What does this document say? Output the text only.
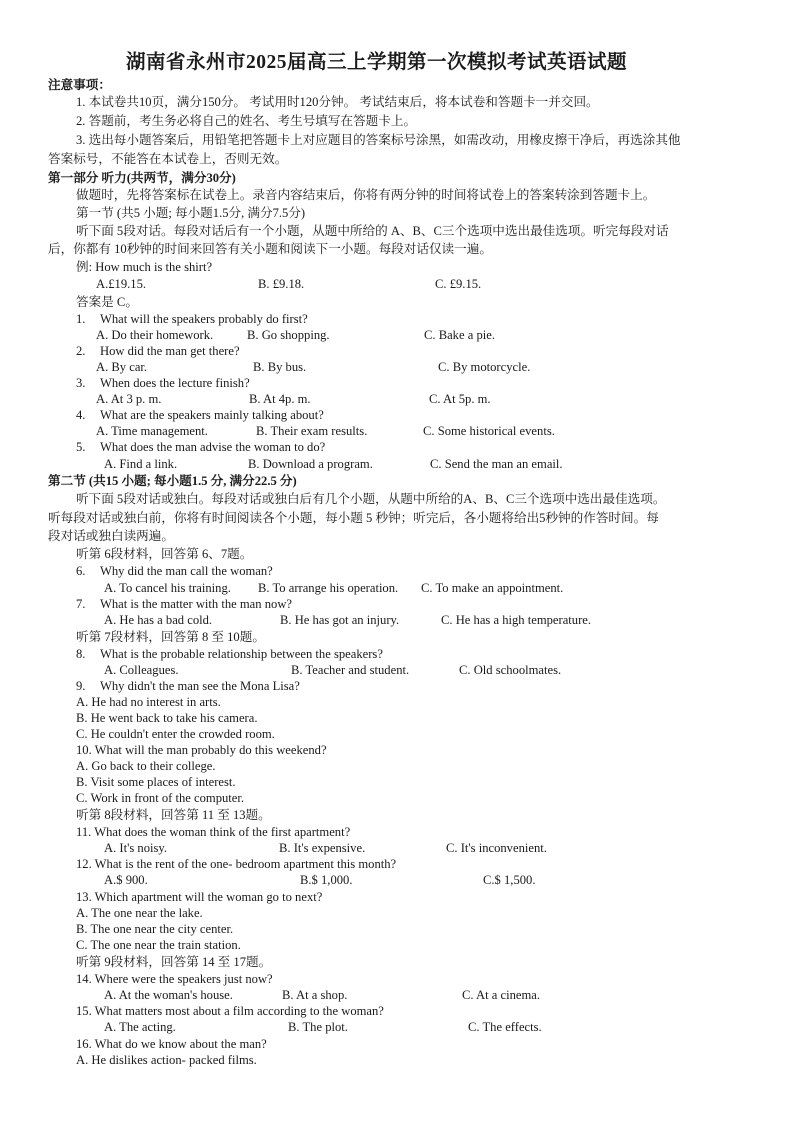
湖南省永州市2025届高三上学期第一次模拟考试英语试题
注意事项：
1. 本试卷共10页，满分150分。 考试用时120分钟。 考试结束后，将本试卷和答题卡一并交回。
2. 答题前，考生务必将自己的姓名、考生号填写在答题卡上。
3. 选出每小题答案后，用铅笔把答题卡上对应题目的答案标号涂黑，如需改动，用橡皮擦干净后，再选涂其他
答案标号，不能答在本试卷上，否则无效。
第一部分 听力(共两节，满分30分)
做题时，先将答案标在试卷上。录音内容结束后，你将有两分钟的时间将试卷上的答案转涂到答题卡上。
第一节 (共5 小题; 每小题1.5分, 满分7.5分)
听下面 5段对话。每段对话后有一个小题，从题中所给的 A、B、C三个选项中选出最佳选项。听完每段对话
后，你都有 10秒钟的时间来回答有关小题和阅读下一小题。每段对话仅读一遍。
例: How much is the shirt?
A.£19.15.	B. £9.18.	C. £9.15.
答案是 C。
1. What will the speakers probably do first?
A. Do their homework.	B. Go shopping.	C. Bake a pie.
2. How did the man get there?
A. By car.	B. By bus.	C. By motorcycle.
3. When does the lecture finish?
A. At 3 p. m.	B. At 4p. m.	C. At 5p. m.
4. What are the speakers mainly talking about?
A. Time management.	B. Their exam results.	C. Some historical events.
5. What does the man advise the woman to do?
A. Find a link.	B. Download a program.	C. Send the man an email.
第二节 (共15 小题; 每小题1.5 分, 满分22.5 分)
听下面 5段对话或独白。每段对话或独白后有几个小题，从题中所给的A、B、C三个选项中选出最佳选项。
听每段对话或独白前，你将有时间阅读各个小题，每小题 5 秒钟；听完后，各小题将给出5秒钟的作答时间。每
段对话或独白读两遍。
听第 6段材料，回答第 6、7题。
6. Why did the man call the woman?
A. To cancel his training. B. To arrange his operation. C. To make an appointment.
7. What is the matter with the man now?
A. He has a bad cold.	B. He has got an injury.	C. He has a high temperature.
听第 7段材料，回答第 8 至 10题。
8. What is the probable relationship between the speakers?
A. Colleagues.	B. Teacher and student.	C. Old schoolmates.
9. Why didn't the man see the Mona Lisa?
A. He had no interest in arts.
B. He went back to take his camera.
C. He couldn't enter the crowded room.
10. What will the man probably do this weekend?
A. Go back to their college.
B. Visit some places of interest.
C. Work in front of the computer.
听第 8段材料，回答第 11 至 13题。
11. What does the woman think of the first apartment?
A. It's noisy.	B. It's expensive.	C. It's inconvenient.
12. What is the rent of the one- bedroom apartment this month?
A.$ 900.	B.$ 1,000.	C.$ 1,500.
13. Which apartment will the woman go to next?
A. The one near the lake.
B. The one near the city center.
C. The one near the train station.
听第 9段材料，回答第 14 至 17题。
14. Where were the speakers just now?
A. At the woman's house.	B. At a shop.	C. At a cinema.
15. What matters most about a film according to the woman?
A. The acting.	B. The plot.	C. The effects.
16. What do we know about the man?
A. He dislikes action- packed films.
